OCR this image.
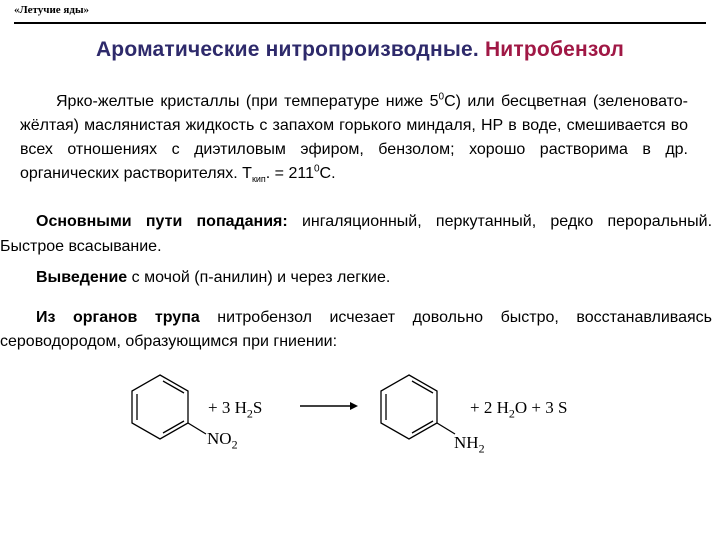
«Летучие яды»
Ароматические нитропроизводные. Нитробензол
Ярко-желтые кристаллы (при температуре ниже $5^0С$) или бесцветная (зеленовато-жёлтая) маслянистая жидкость с запахом горького миндаля, НР в воде, смешивается во всех отношениях с диэтиловым эфиром, бензолом; хорошо растворима в др. органических растворителях. $Т_{кип}$. = $211^0С$.
Основными пути попадания: ингаляционный, перкутанный, редко пероральный. Быстрое всасывание.
Выведение с мочой (п-анилин) и через легкие.
Из органов трупа нитробензол исчезает довольно быстро, восстанавливаясь сероводородом, образующимся при гниении:
+ 3 $H_2S$
$NO_2$
+ 2 $H_2O + 3$ S
$NH_2$
